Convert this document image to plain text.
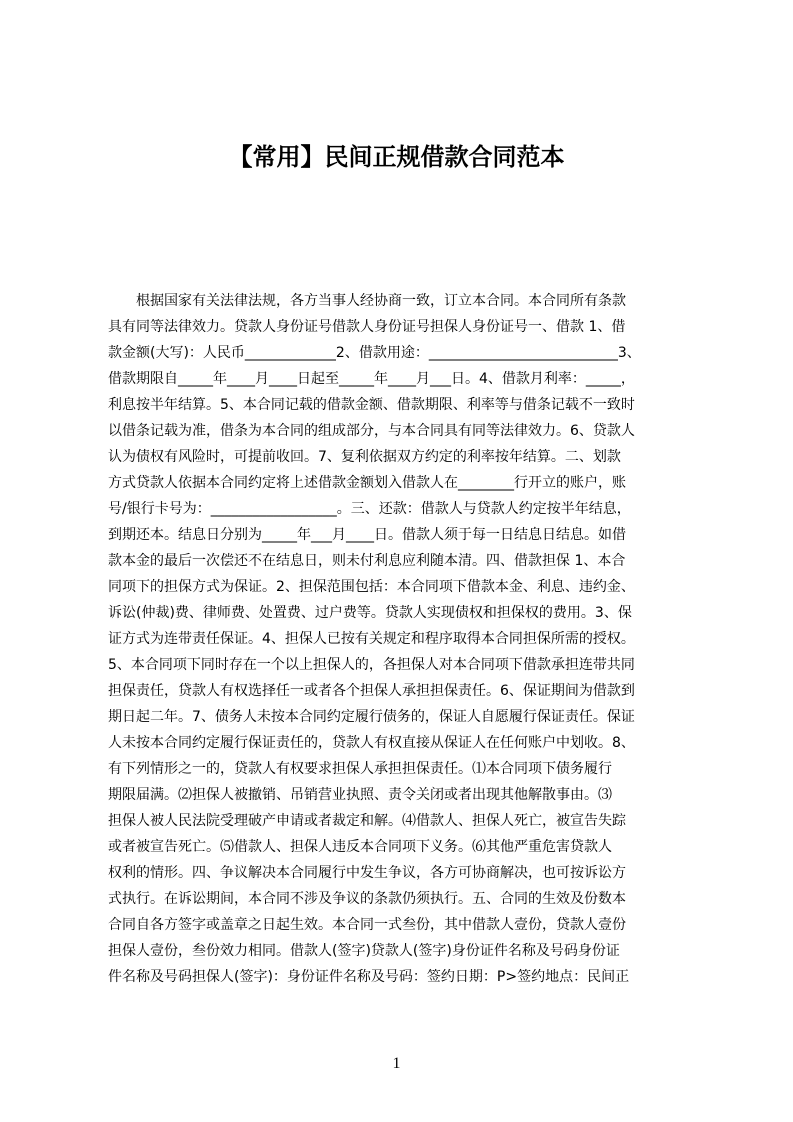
【常用】民间正规借款合同范本
　　根据国家有关法律法规，各方当事人经协商一致，订立本合同。本合同所有条款
具有同等法律效力。贷款人身份证号借款人身份证号担保人身份证号一、借款 1、借
款金额(大写)：人民币_____________2、借款用途：___________________________3、
借款期限自_____年____月____日起至_____年____月___日。4、借款月利率：_____，
利息按半年结算。5、本合同记载的借款金额、借款期限、利率等与借条记载不一致时
以借条记载为准，借条为本合同的组成部分，与本合同具有同等法律效力。6、贷款人
认为债权有风险时，可提前收回。7、复利依据双方约定的利率按年结算。二、划款
方式贷款人依据本合同约定将上述借款金额划入借款人在________行开立的账户，账
号/银行卡号为：__________________。三、还款：借款人与贷款人约定按半年结息，
到期还本。结息日分别为_____年___月____日。借款人须于每一日结息日结息。如借
款本金的最后一次偿还不在结息日，则未付利息应利随本清。四、借款担保 1、本合
同项下的担保方式为保证。2、担保范围包括：本合同项下借款本金、利息、违约金、
诉讼(仲裁)费、律师费、处置费、过户费等。贷款人实现债权和担保权的费用。3、保
证方式为连带责任保证。4、担保人已按有关规定和程序取得本合同担保所需的授权。
5、本合同项下同时存在一个以上担保人的，各担保人对本合同项下借款承担连带共同
担保责任，贷款人有权选择任一或者各个担保人承担担保责任。6、保证期间为借款到
期日起二年。7、债务人未按本合同约定履行债务的，保证人自愿履行保证责任。保证
人未按本合同约定履行保证责任的，贷款人有权直接从保证人在任何账户中划收。8、
有下列情形之一的，贷款人有权要求担保人承担担保责任。⑴本合同项下债务履行
期限届满。⑵担保人被撤销、吊销营业执照、责令关闭或者出现其他解散事由。⑶
担保人被人民法院受理破产申请或者裁定和解。⑷借款人、担保人死亡，被宣告失踪
或者被宣告死亡。⑸借款人、担保人违反本合同项下义务。⑹其他严重危害贷款人
权利的情形。四、争议解决本合同履行中发生争议，各方可协商解决，也可按诉讼方
式执行。在诉讼期间，本合同不涉及争议的条款仍须执行。五、合同的生效及份数本
合同自各方签字或盖章之日起生效。本合同一式叁份，其中借款人壹份，贷款人壹份
担保人壹份，叁份效力相同。借款人(签字)贷款人(签字)身份证件名称及号码身份证
件名称及号码担保人(签字)：身份证件名称及号码：签约日期：P>签约地点：民间正
1
